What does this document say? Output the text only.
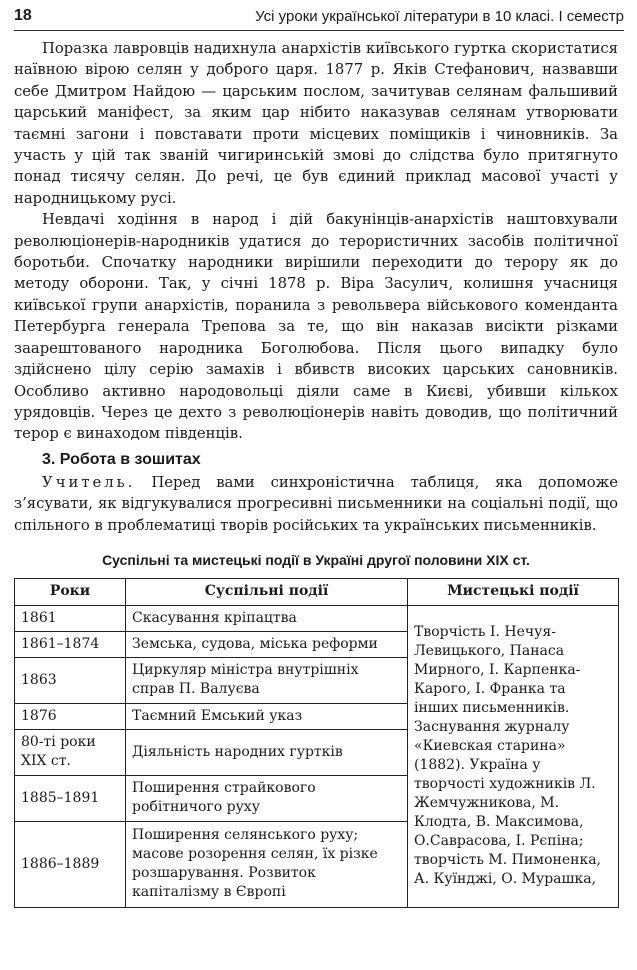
18	Усі уроки української літератури в 10 класі. I семестр

Поразка лавровців надихнула анархістів київського гуртка скористатися наївною вірою селян у доброго царя. 1877 р. Яків Стефанович, назвавши себе Дмитром Найдою — царським послом, зачитував селянам фальшивий царський маніфест, за яким цар нібито наказував селянам утворювати таємні загони і повставати проти місцевих поміщиків і чиновників. За участь у цій так званій чигиринській змові до слідства було притягнуто понад тисячу селян. До речі, це був єдиний приклад масової участі у народницькому русі.

Невдачі ходіння в народ і дій бакунінців-анархістів наштовхували революціонерів-народників удатися до терористичних засобів політичної боротьби. Спочатку народники вирішили переходити до терору як до методу оборони. Так, у січні 1878 р. Віра Засулич, колишня учасниця київської групи анархістів, поранила з револьвера військового коменданта Петербурга генерала Трепова за те, що він наказав висікти різками заарештованого народника Боголюбова. Після цього випадку було здійснено цілу серію замахів і вбивств високих царських сановників. Особливо активно народовольці діяли саме в Києві, убивши кількох урядовців. Через це дехто з революціонерів навіть доводив, що політичний терор є винаходом південців.

3. Робота в зошитах

Учитель. Перед вами синхроністична таблиця, яка допоможе з’ясувати, як відгукувалися прогресивні письменники на соціальні події, що спільного в проблематиці творів російських та українських письменників.

Суспільні та мистецькі події в Україні другої половини XIX ст.
Роки	Суспільні події	Мистецькі події
1861	Скасування кріпацтва	Творчість І. Нечуя-Левицького, Панаса Мирного, І. Карпенка-Карого, І. Франка та інших письменників. Заснування журналу «Киевская старина» (1882). Україна у творчості художників Л. Жемчужникова, М. Клодта, В. Максимова, О.Саврасова, І. Рєпіна; творчість М. Пимоненка, А. Куїнджі, О. Мурашка,
1861–1874	Земська, судова, міська реформи	
1863	Циркуляр міністра внутрішніх справ П. Валуєва	
1876	Таємний Емський указ	
80-ті роки XIX ст.	Діяльність народних гуртків	
1885–1891	Поширення страйкового робітничого руху	
1886–1889	Поширення селянського руху; масове розорення селян, їх різке розшарування. Розвиток капіталізму в Європі	
